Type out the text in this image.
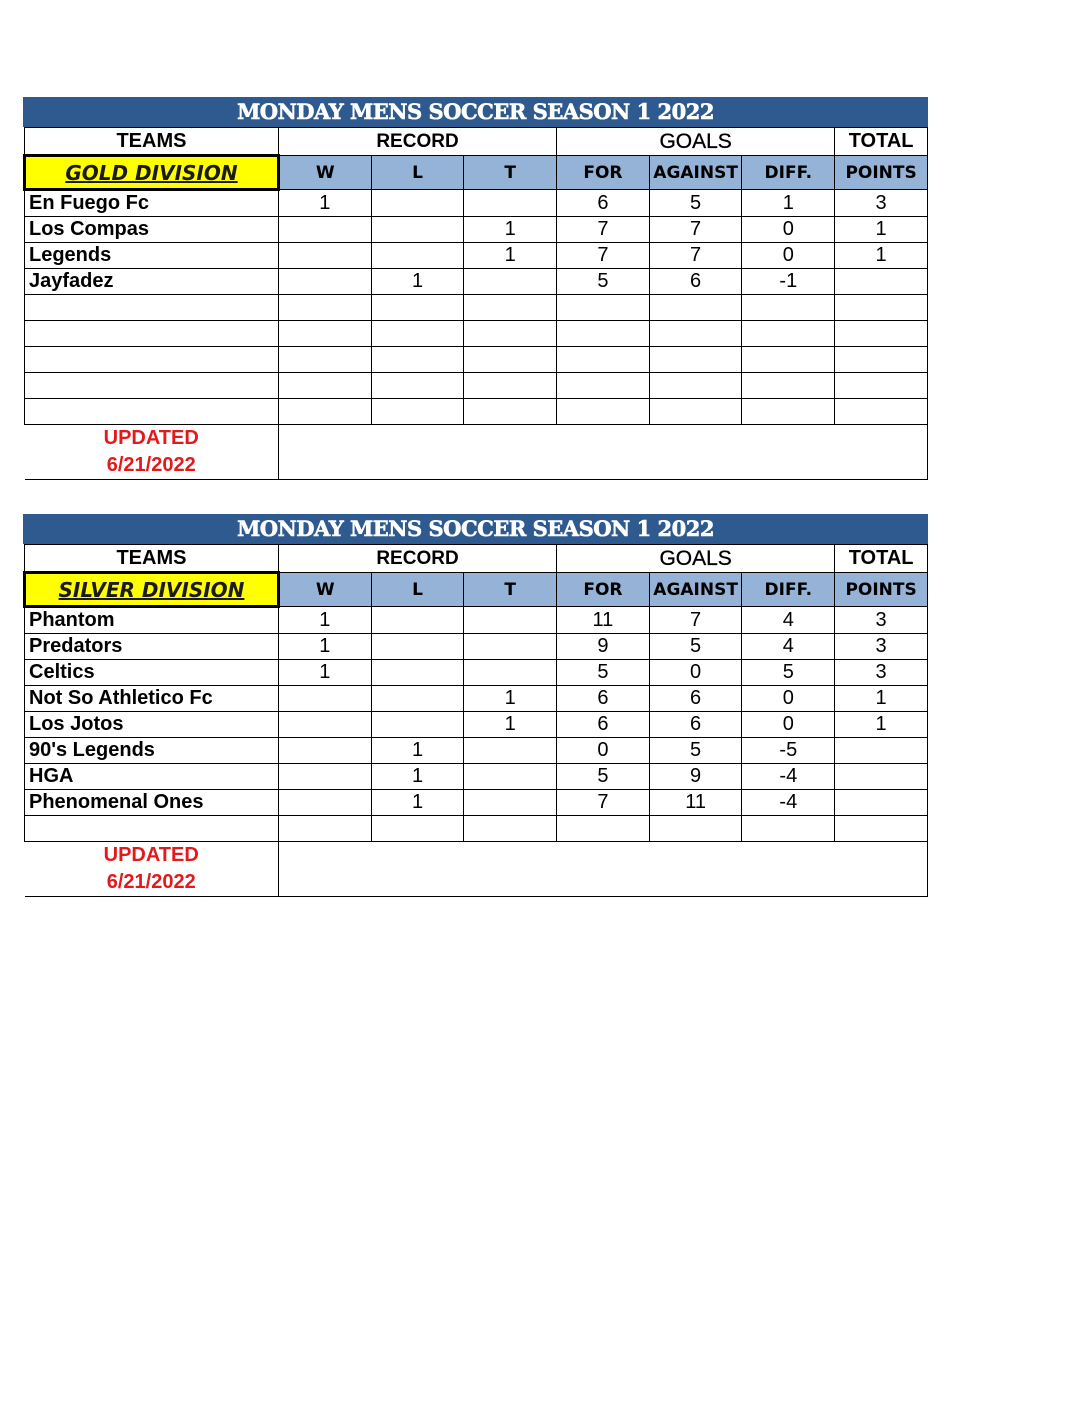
MONDAY MENS SOCCER SEASON 1 2022
TEAMS	RECORD			GOALS			TOTAL
GOLD DIVISION	W	L	T	FOR	AGAINST	DIFF.	POINTS
En Fuego Fc	1			6	5	1	3
Los Compas			1	7	7	0	1
Legends			1	7	7	0	1
Jayfadez		1		5	6	-1	

UPDATED
6/21/2022							

MONDAY MENS SOCCER SEASON 1 2022
TEAMS	RECORD			GOALS			TOTAL
SILVER DIVISION	W	L	T	FOR	AGAINST	DIFF.	POINTS
Phantom	1			11	7	4	3
Predators	1			9	5	4	3
Celtics	1			5	0	5	3
Not So Athletico Fc			1	6	6	0	1
Los Jotos			1	6	6	0	1
90's Legends		1		0	5	-5	
HGA		1		5	9	-4	
Phenomenal Ones		1		7	11	-4	

UPDATED
6/21/2022							
